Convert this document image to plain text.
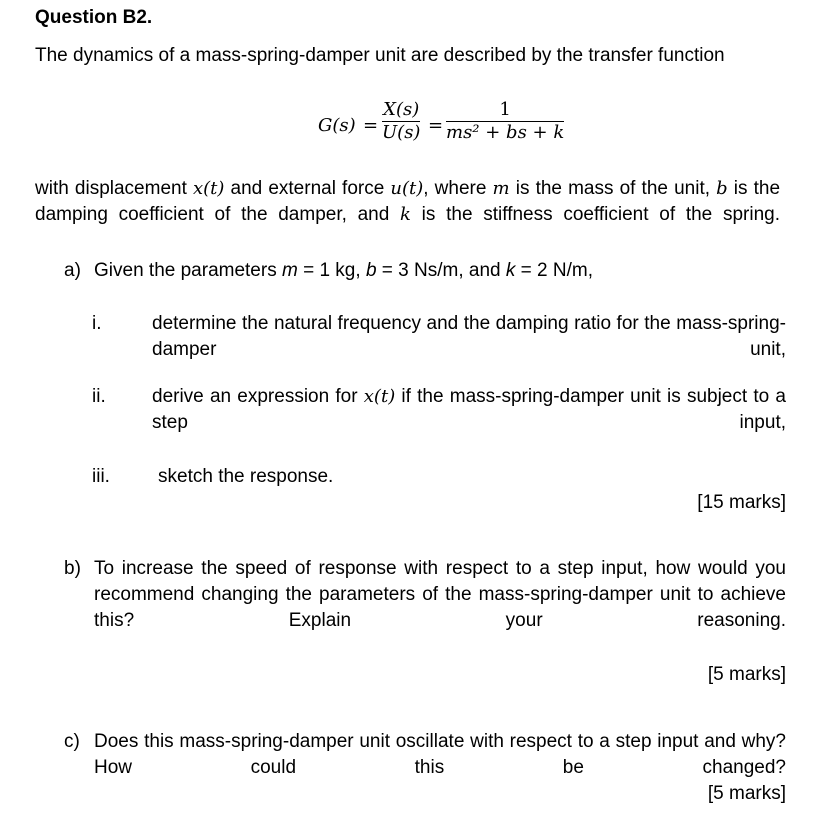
Question B2.
The dynamics of a mass-spring-damper unit are described by the transfer function
G(s) =
X(s)
U(s) =
1
ms² + bs + k
with displacement x(t) and external force u(t), where m is the mass of the unit, b is the damping coefficient of the damper, and k is the stiffness coefficient of the spring.
a) Given the parameters m = 1 kg, b = 3 Ns/m, and k = 2 N/m,
i.	determine the natural frequency and the damping ratio for the mass-spring-damper unit,
ii. derive an expression for x(t) if the mass-spring-damper unit is subject to a step input,
iii.	sketch the response.
[15 marks]
b) To increase the speed of response with respect to a step input, how would you recommend changing the parameters of the mass-spring-damper unit to achieve this? Explain your reasoning.
[5 marks]
c) Does this mass-spring-damper unit oscillate with respect to a step input and why? How could this be changed?
[5 marks]
